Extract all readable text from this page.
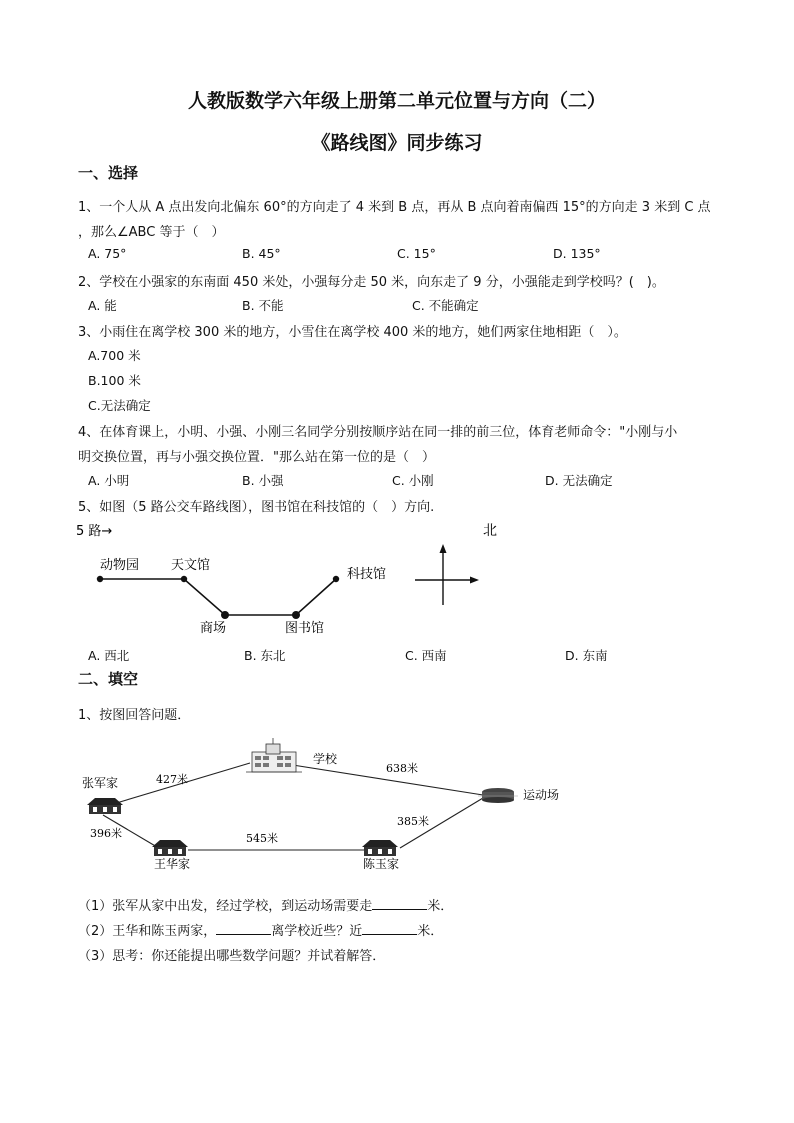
人教版数学六年级上册第二单元位置与方向（二）
《路线图》同步练习
一、选择
1、一个人从 A 点出发向北偏东 60°的方向走了 4 米到 B 点，再从 B 点向着南偏西 15°的方向走 3 米到 C 点
，那么∠ABC 等于（　）
A. 75°	B. 45°	C. 15°	D. 135°
2、学校在小强家的东南面 450 米处，小强每分走 50 米，向东走了 9 分，小强能走到学校吗？(　)。
A. 能	B. 不能	C. 不能确定
3、小雨住在离学校 300 米的地方，小雪住在离学校 400 米的地方，她们两家住地相距（　）。
A.700 米
B.100 米
C.无法确定
4、在体育课上，小明、小强、小刚三名同学分别按顺序站在同一排的前三位，体育老师命令："小刚与小
明交换位置，再与小强交换位置．"那么站在第一位的是（　）
A. 小明	B. 小强	C. 小刚	D. 无法确定
5、如图（5 路公交车路线图），图书馆在科技馆的（　）方向.
5 路→
动物园 天文馆
商场	图书馆
科技馆
北
A. 西北	B. 东北	C. 西南	D. 东南
二、填空
1、按图回答问题．
张军家
学校
运动场
王华家	陈玉家
427米
638米
396米	545米
385米
（1）张军从家中出发，经过学校，到运动场需要走	米．
（2）王华和陈玉两家，	离学校近些？近	米．
（3）思考：你还能提出哪些数学问题？并试着解答．
